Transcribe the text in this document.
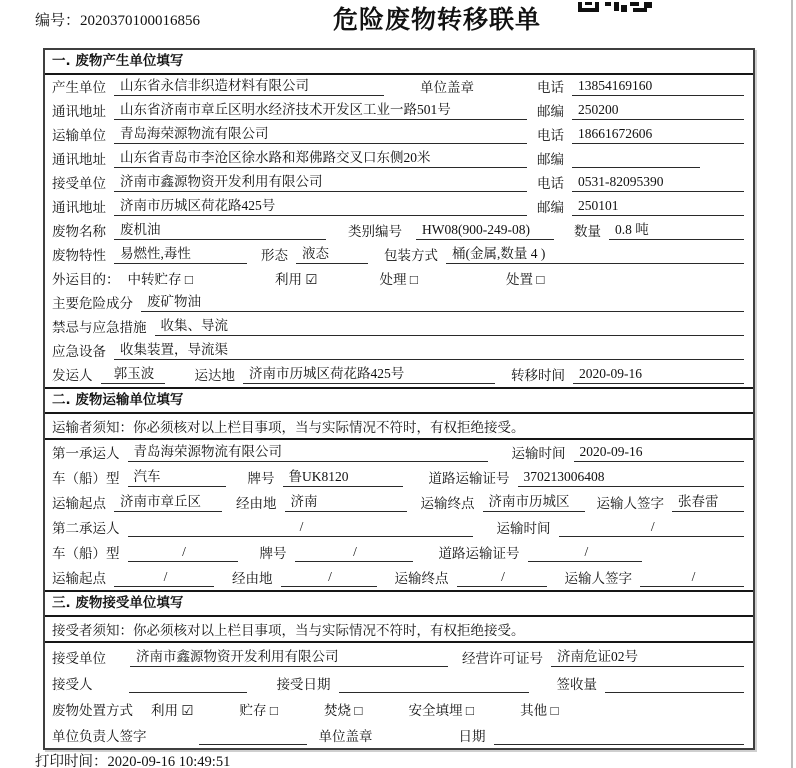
编号：2020370100016856	危险废物转移联单
一. 废物产生单位填写
产生单位	山东省永信非织造材料有限公司	单位盖章	电话	13854169160
通讯地址	山东省济南市章丘区明水经济技术开发区工业一路501号	邮编	250200
运输单位	青岛海荣源物流有限公司	电话	18661672606
通讯地址	山东省青岛市李沧区徐水路和郑佛路交叉口东侧20米	邮编
接受单位	济南市鑫源物资开发利用有限公司	电话	0531-82095390
通讯地址	济南市历城区荷花路425号	邮编	250101
废物名称	废机油	类别编号	HW08(900-249-08)	数量	0.8 吨
废物特性	易燃性,毒性	形态	液态	包装方式	桶(金属,数量 4 )
外运目的： 中转贮存 □	利用 ☑	处理 □	处置 □
主要危险成分	废矿物油
禁忌与应急措施	收集、导流
应急设备	收集装置，导流渠
发运人	郭玉波	运达地	济南市历城区荷花路425号	转移时间	2020-09-16
二. 废物运输单位填写
运输者须知：你必须核对以上栏目事项，当与实际情况不符时，有权拒绝接受。
第一承运人	青岛海荣源物流有限公司	运输时间	2020-09-16
车（船）型	汽车	牌号	鲁UK8120	道路运输证号	370213006408
运输起点	济南市章丘区	经由地	济南	运输终点	济南市历城区	运输人签字	张春雷
第二承运人	/	运输时间	/
车（船）型	/	牌号	/	道路运输证号	/
运输起点	/	经由地	/	运输终点	/	运输人签字	/
三. 废物接受单位填写
接受者须知：你必须核对以上栏目事项，当与实际情况不符时，有权拒绝接受。
接受单位	济南市鑫源物资开发利用有限公司	经营许可证号	济南危证02号
接受人	接受日期	签收量
废物处置方式 利用 ☑	贮存 □	焚烧 □	安全填埋 □	其他 □
单位负责人签字	单位盖章	日期
打印时间：2020-09-16 10:49:51
